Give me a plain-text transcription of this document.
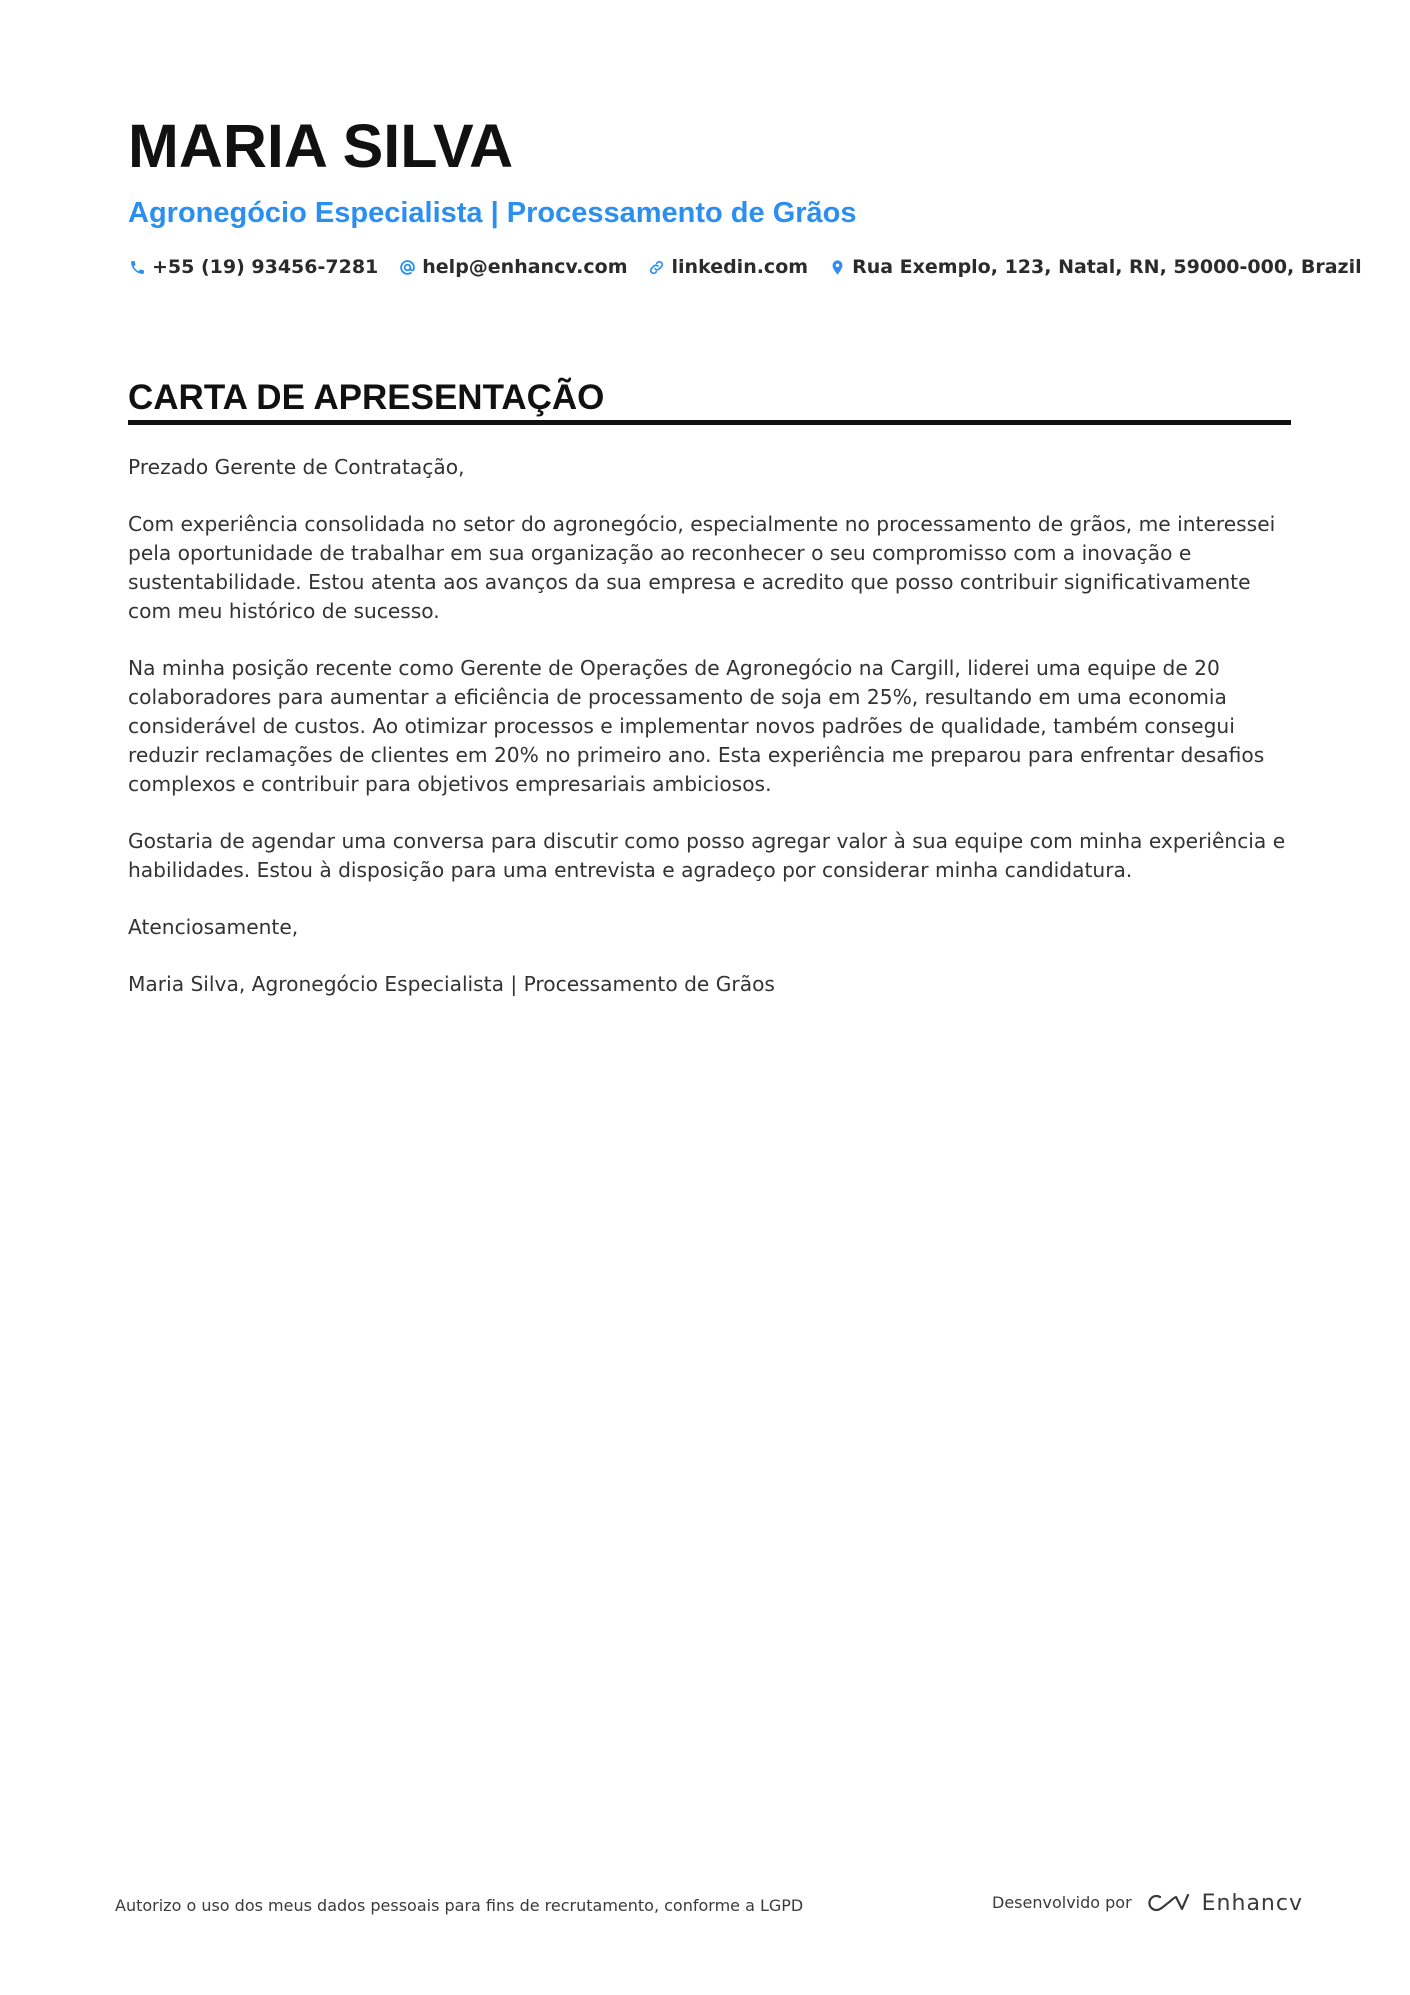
MARIA SILVA
Agronegócio Especialista | Processamento de Grãos
+55 (19) 93456-7281 help@enhancv.com linkedin.com Rua Exemplo, 123, Natal, RN, 59000-000, Brazil
CARTA DE APRESENTAÇÃO

Prezado Gerente de Contratação,

Com experiência consolidada no setor do agronegócio, especialmente no processamento de grãos, me interessei pela oportunidade de trabalhar em sua organização ao reconhecer o seu compromisso com a inovação e sustentabilidade. Estou atenta aos avanços da sua empresa e acredito que posso contribuir significativamente com meu histórico de sucesso.

Na minha posição recente como Gerente de Operações de Agronegócio na Cargill, liderei uma equipe de 20 colaboradores para aumentar a eficiência de processamento de soja em 25%, resultando em uma economia considerável de custos. Ao otimizar processos e implementar novos padrões de qualidade, também consegui reduzir reclamações de clientes em 20% no primeiro ano. Esta experiência me preparou para enfrentar desafios complexos e contribuir para objetivos empresariais ambiciosos.

Gostaria de agendar uma conversa para discutir como posso agregar valor à sua equipe com minha experiência e habilidades. Estou à disposição para uma entrevista e agradeço por considerar minha candidatura.

Atenciosamente,

Maria Silva, Agronegócio Especialista | Processamento de Grãos

Autorizo o uso dos meus dados pessoais para fins de recrutamento, conforme a LGPD	Desenvolvido por	Enhancv
